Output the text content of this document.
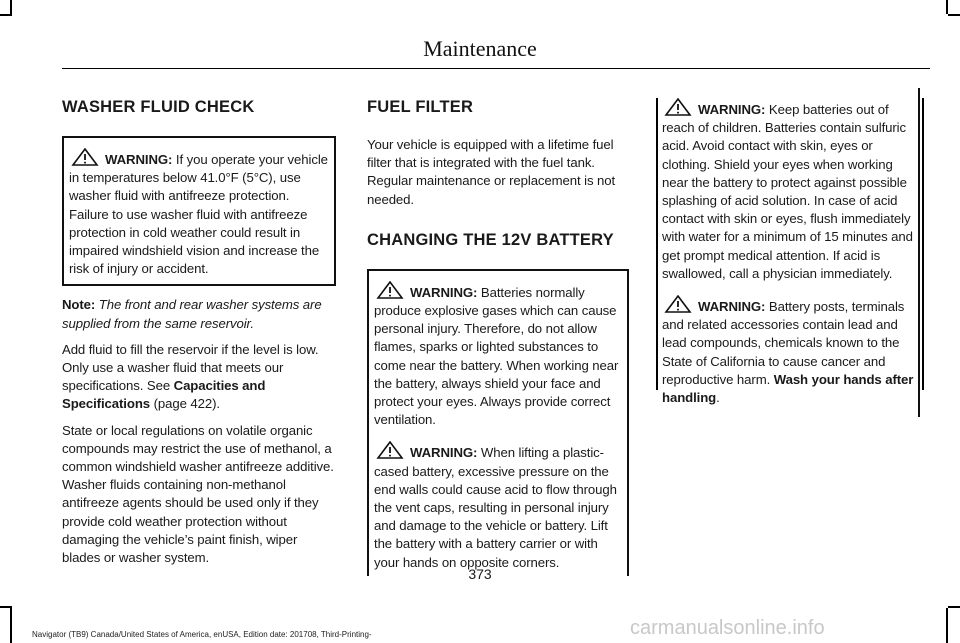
Maintenance
WASHER FLUID CHECK
WARNING: If you operate your vehicle in temperatures below 41.0°F (5°C), use washer fluid with antifreeze protection. Failure to use washer fluid with antifreeze protection in cold weather could result in impaired windshield vision and increase the risk of injury or accident.

Note: The front and rear washer systems are supplied from the same reservoir.

Add fluid to fill the reservoir if the level is low. Only use a washer fluid that meets our specifications. See Capacities and Specifications (page 422).

State or local regulations on volatile organic compounds may restrict the use of methanol, a common windshield washer antifreeze additive. Washer fluids containing non-methanol antifreeze agents should be used only if they provide cold weather protection without damaging the vehicle’s paint finish, wiper blades or washer system.

FUEL FILTER

Your vehicle is equipped with a lifetime fuel filter that is integrated with the fuel tank. Regular maintenance or replacement is not needed.

CHANGING THE 12V BATTERY
WARNING: Batteries normally produce explosive gases which can cause personal injury. Therefore, do not allow flames, sparks or lighted substances to come near the battery. When working near the battery, always shield your face and protect your eyes. Always provide correct ventilation.
WARNING: When lifting a plastic-cased battery, excessive pressure on the end walls could cause acid to flow through the vent caps, resulting in personal injury and damage to the vehicle or battery. Lift the battery with a battery carrier or with your hands on opposite corners.
WARNING: Keep batteries out of reach of children. Batteries contain sulfuric acid. Avoid contact with skin, eyes or clothing. Shield your eyes when working near the battery to protect against possible splashing of acid solution. In case of acid contact with skin or eyes, flush immediately with water for a minimum of 15 minutes and get prompt medical attention. If acid is swallowed, call a physician immediately.
WARNING: Battery posts, terminals and related accessories contain lead and lead compounds, chemicals known to the State of California to cause cancer and reproductive harm. Wash your hands after handling.
373
Navigator (TB9) Canada/United States of America, enUSA, Edition date: 201708, Third-Printing-	carmanualsonline.info
